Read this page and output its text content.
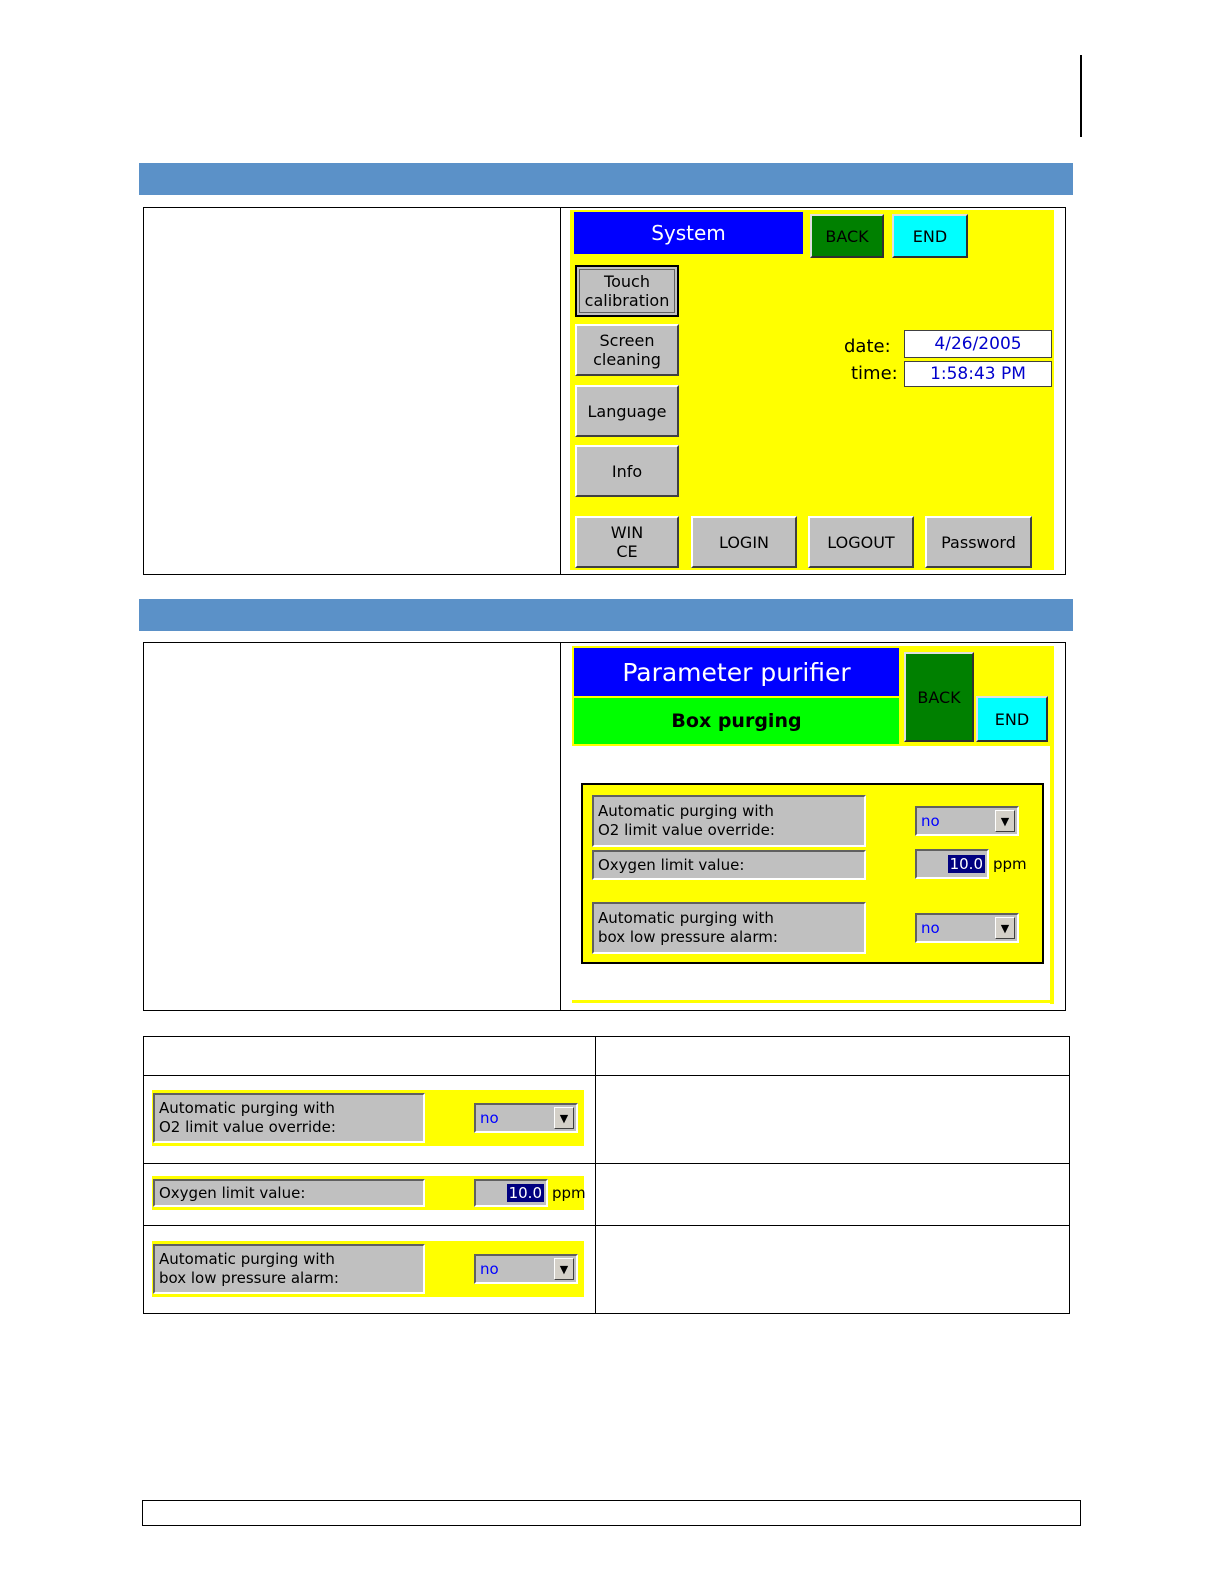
System	BACK	END
Touch
calibration
Screen
cleaning
Language
Info
date:	4/26/2005
time:	1:58:43 PM
WIN
CE	LOGIN	LOGOUT	Password
Parameter purifier
Box purging
BACK
END
Automatic purging with
O2 limit value override:	no	▼
Oxygen limit value:	10.0 ppm
Automatic purging with
box low pressure alarm:	no	▼
Automatic purging with
O2 limit value override:	no	▼
Oxygen limit value:	10.0 ppm
Automatic purging with
box low pressure alarm:	no	▼
